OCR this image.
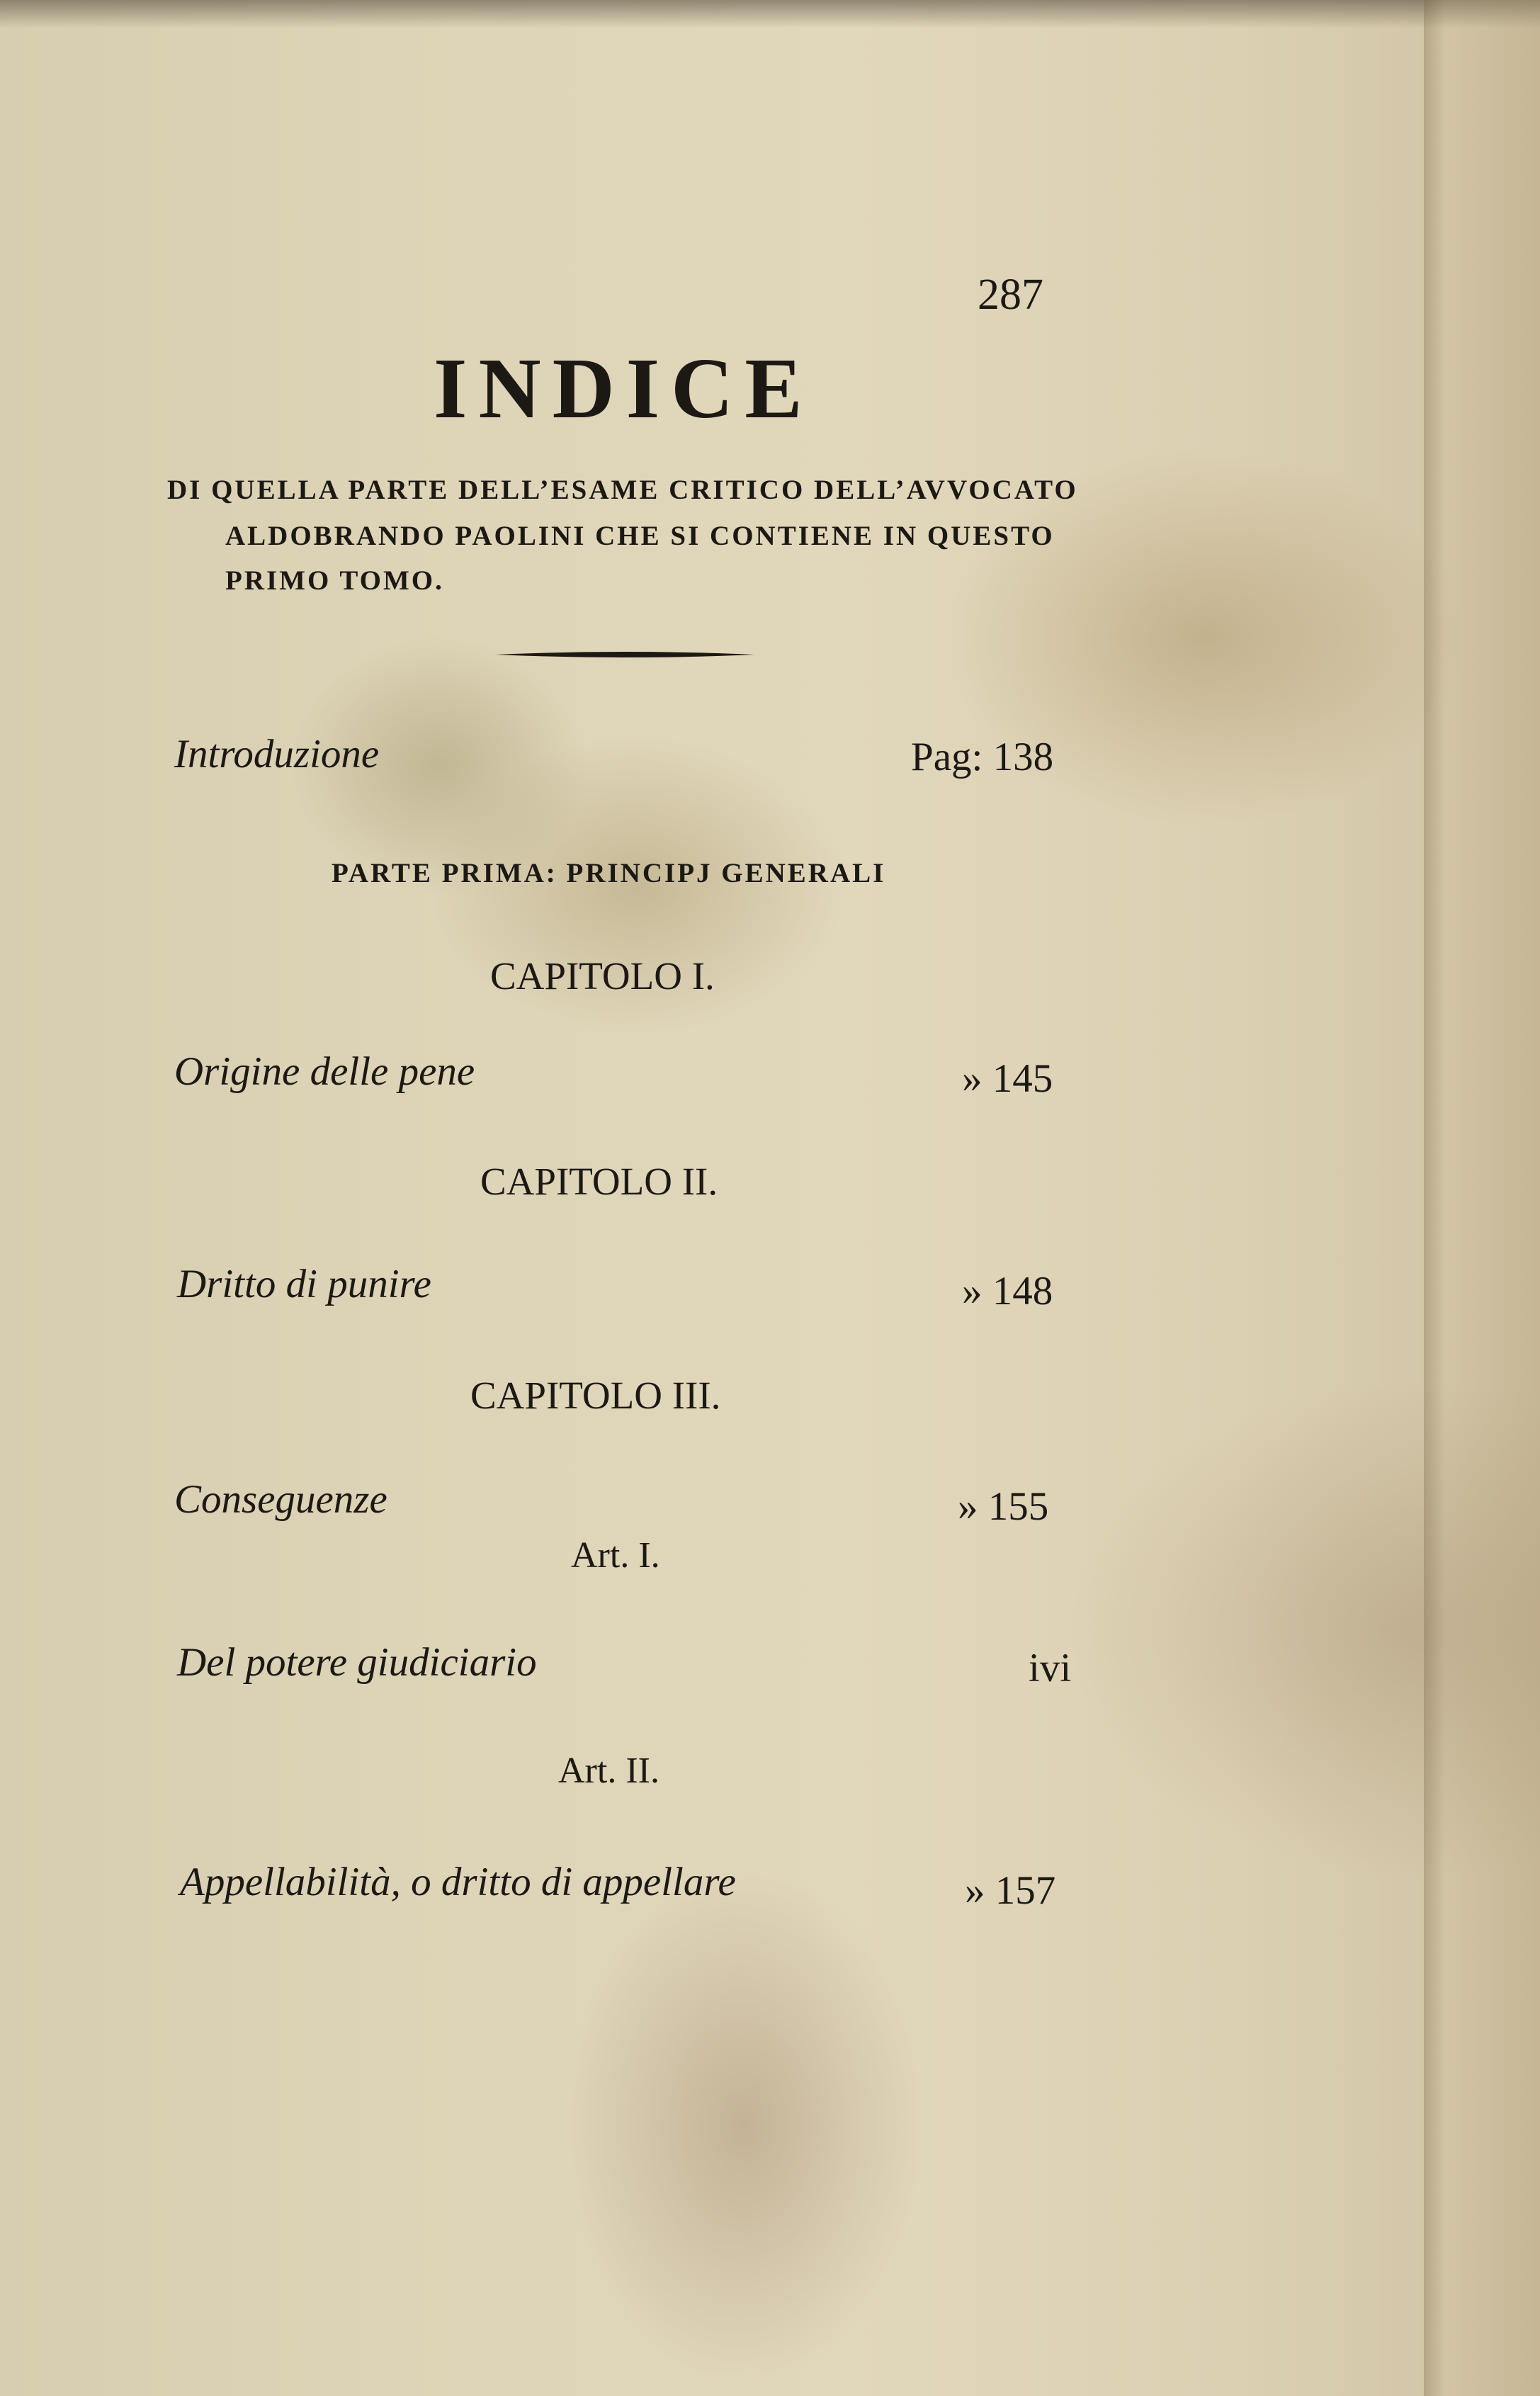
287
INDICE
DI QUELLA PARTE DELL’ESAME CRITICO DELL’AVVOCATO
ALDOBRANDO PAOLINI CHE SI CONTIENE IN QUESTO
PRIMO TOMO.
Introduzione	Pag: 138
PARTE PRIMA: PRINCIPJ GENERALI
CAPITOLO I.
Origine delle pene	» 145
CAPITOLO II.
Dritto di punire	» 148
CAPITOLO III.
Conseguenze	» 155
Art. I.
Del potere giudiciario	ivi
Art. II.
Appellabilità, o dritto di appellare	» 157
